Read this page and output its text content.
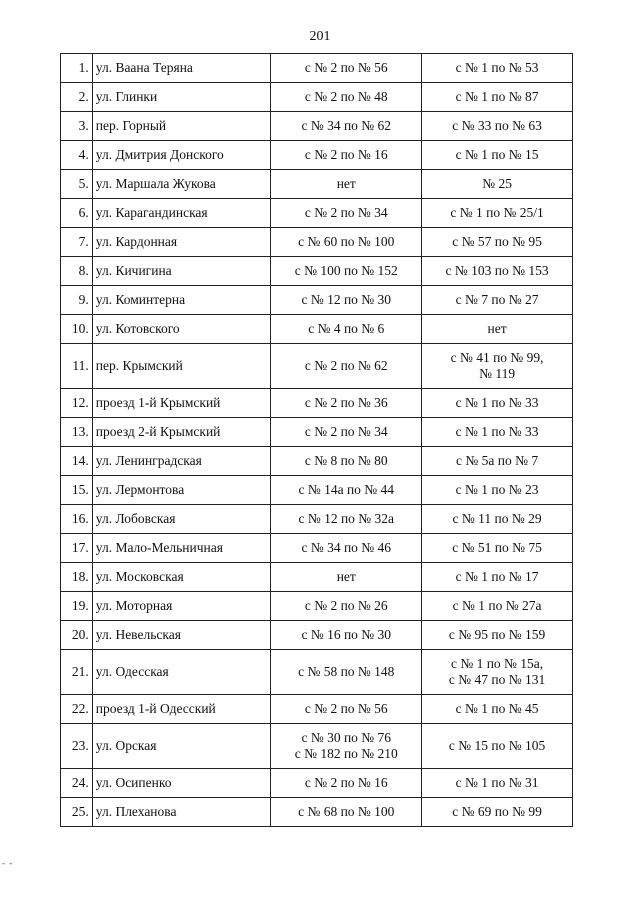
201
1.	ул. Ваана Теряна	с № 2 по № 56	с № 1 по № 53
2.	ул. Глинки	с № 2 по № 48	с № 1 по № 87
3.	пер. Горный	с № 34 по № 62	с № 33 по № 63
4.	ул. Дмитрия Донского	с № 2 по № 16	с № 1 по № 15
5.	ул. Маршала Жукова	нет	№ 25
6.	ул. Карагандинская	с № 2 по № 34	с № 1 по № 25/1
7.	ул. Кардонная	с № 60 по № 100	с № 57 по № 95
8.	ул. Кичигина	с № 100 по № 152	с № 103 по № 153
9.	ул. Коминтерна	с № 12 по № 30	с № 7 по № 27
10.	ул. Котовского	с № 4 по № 6	нет
11.	пер. Крымский	с № 2 по № 62	с № 41 по № 99,
№ 119
12.	проезд 1-й Крымский	с № 2 по № 36	с № 1 по № 33
13.	проезд 2-й Крымский	с № 2 по № 34	с № 1 по № 33
14.	ул. Ленинградская	с № 8 по № 80	с № 5а по № 7
15.	ул. Лермонтова	с № 14а по № 44	с № 1 по № 23
16.	ул. Лобовская	с № 12 по № 32а	с № 11 по № 29
17.	ул. Мало-Мельничная	с № 34 по № 46	с № 51 по № 75
18.	ул. Московская	нет	с № 1 по № 17
19.	ул. Моторная	с № 2 по № 26	с № 1 по № 27а
20.	ул. Невельская	с № 16 по № 30	с № 95 по № 159
21.	ул. Одесская	с № 58 по № 148	с № 1 по № 15а,
с № 47 по № 131
22.	проезд 1-й Одесский	с № 2 по № 56	с № 1 по № 45
23.	ул. Орская	с № 30 по № 76
с № 182 по № 210	с № 15 по № 105
24.	ул. Осипенко	с № 2 по № 16	с № 1 по № 31
25.	ул. Плеханова	с № 68 по № 100	с № 69 по № 99
- -
